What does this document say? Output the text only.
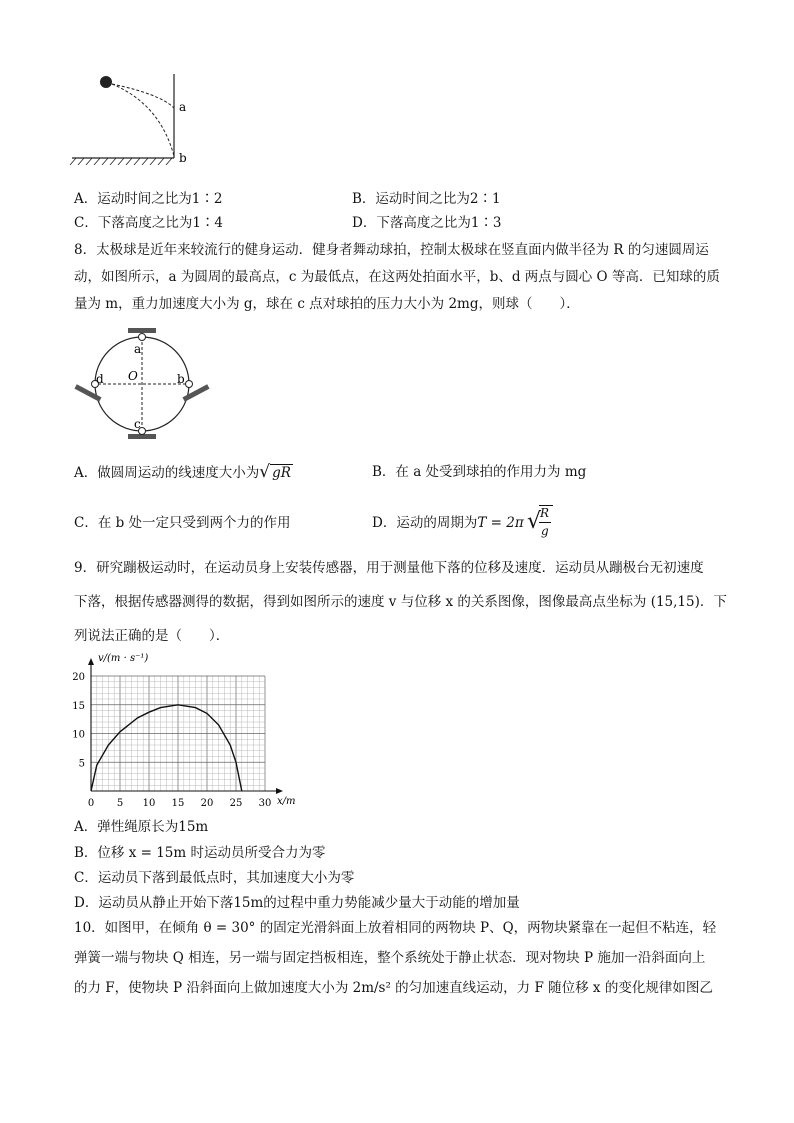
a
b
A．运动时间之比为1∶2	B．运动时间之比为2∶1
C．下落高度之比为1∶4	D．下落高度之比为1∶3
8．太极球是近年来较流行的健身运动．健身者舞动球拍，控制太极球在竖直面内做半径为 R 的匀速圆周运
动，如图所示，a 为圆周的最高点，c 为最低点，在这两处拍面水平，b、d 两点与圆心 O 等高．已知球的质
量为 m，重力加速度大小为 g，球在 c 点对球拍的压力大小为 2mg，则球（　　）．
a
c
d	b
O
A．做圆周运动的线速度大小为√ gR	B．在 a 处受到球拍的作用力为 mg
C．在 b 处一定只受到两个力的作用	D．运动的周期为T = 2π √
R
g
9．研究蹦极运动时，在运动员身上安装传感器，用于测量他下落的位移及速度．运动员从蹦极台无初速度
下落，根据传感器测得的数据，得到如图所示的速度 v 与位移 x 的关系图像，图像最高点坐标为 (15,15)．下
列说法正确的是（　　）．
v/(m · s⁻¹)
x/m
0 5 10 15 20 25 30
5
10
15
20
A．弹性绳原长为15m
B．位移 x = 15m 时运动员所受合力为零
C．运动员下落到最低点时，其加速度大小为零
D．运动员从静止开始下落15m的过程中重力势能减少量大于动能的增加量
10．如图甲，在倾角 θ = 30° 的固定光滑斜面上放着相同的两物块 P、Q，两物块紧靠在一起但不粘连，轻
弹簧一端与物块 Q 相连，另一端与固定挡板相连，整个系统处于静止状态．现对物块 P 施加一沿斜面向上
的力 F，使物块 P 沿斜面向上做加速度大小为 2m/s² 的匀加速直线运动，力 F 随位移 x 的变化规律如图乙
